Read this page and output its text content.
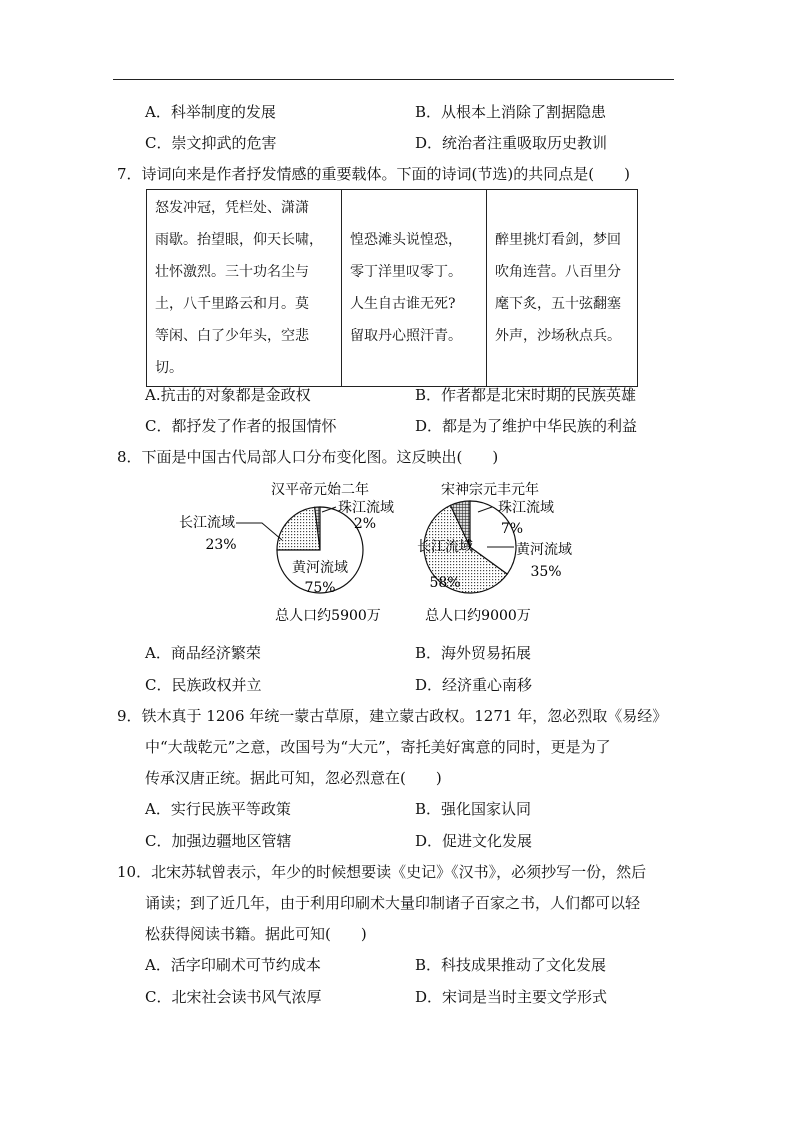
A．科举制度的发展	B．从根本上消除了割据隐患
C．崇文抑武的危害	D．统治者注重吸取历史教训
7．诗词向来是作者抒发情感的重要载体。下面的诗词(节选)的共同点是(　　)
怒发冲冠，凭栏处、潇潇
雨歇。抬望眼，仰天长啸，
壮怀激烈。三十功名尘与
土，八千里路云和月。莫
等闲、白了少年头，空悲
切。

惶恐滩头说惶恐，
零丁洋里叹零丁。
人生自古谁无死?
留取丹心照汗青。

醉里挑灯看剑，梦回
吹角连营。八百里分
麾下炙，五十弦翻塞
外声，沙场秋点兵。
A.抗击的对象都是金政权	B．作者都是北宋时期的民族英雄
C．都抒发了作者的报国情怀	D．都是为了维护中华民族的利益
8．下面是中国古代局部人口分布变化图。这反映出(　　)
汉平帝元始二年
总人口约5900万
珠江流域
2%
长江流域
23%
黄河流域
75%
宋神宗元丰元年
总人口约9000万
珠江流域
7%
长江流域
58%
黄河流域
35%
A．商品经济繁荣	B．海外贸易拓展
C．民族政权并立	D．经济重心南移
9．铁木真于 1206 年统一蒙古草原，建立蒙古政权。1271 年，忽必烈取《易经》
中“大哉乾元”之意，改国号为“大元”，寄托美好寓意的同时，更是为了
传承汉唐正统。据此可知，忽必烈意在(　　)
A．实行民族平等政策	B．强化国家认同
C．加强边疆地区管辖	D．促进文化发展
10．北宋苏轼曾表示，年少的时候想要读《史记》《汉书》，必须抄写一份，然后
诵读；到了近几年，由于利用印刷术大量印制诸子百家之书，人们都可以轻
松获得阅读书籍。据此可知(　　)
A．活字印刷术可节约成本	B．科技成果推动了文化发展
C．北宋社会读书风气浓厚	D．宋词是当时主要文学形式
